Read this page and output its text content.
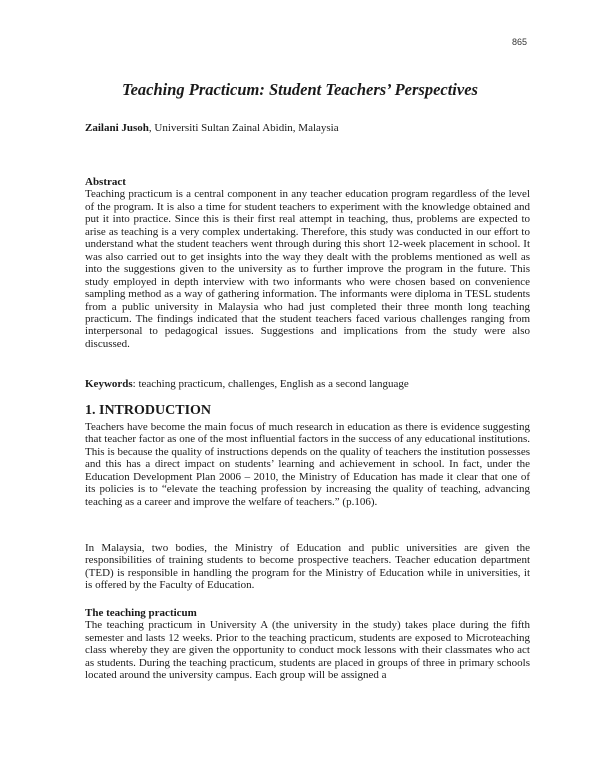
865
Teaching Practicum: Student Teachers’ Perspectives
Zailani Jusoh, Universiti Sultan Zainal Abidin, Malaysia
Abstract
Teaching practicum is a central component in any teacher education program regardless of the level of the program. It is also a time for student teachers to experiment with the knowledge obtained and put it into practice. Since this is their first real attempt in teaching, thus, problems are expected to arise as teaching is a very complex undertaking. Therefore, this study was conducted in our effort to understand what the student teachers went through during this short 12-week placement in school. It was also carried out to get insights into the way they dealt with the problems mentioned as well as into the suggestions given to the university as to further improve the program in the future. This study employed in depth interview with two informants who were chosen based on convenience sampling method as a way of gathering information. The informants were diploma in TESL students from a public university in Malaysia who had just completed their three month long teaching practicum. The findings indicated that the student teachers faced various challenges ranging from interpersonal to pedagogical issues. Suggestions and implications from the study were also discussed.
Keywords: teaching practicum, challenges, English as a second language
1. INTRODUCTION
Teachers have become the main focus of much research in education as there is evidence suggesting that teacher factor as one of the most influential factors in the success of any educational institutions. This is because the quality of instructions depends on the quality of teachers the institution possesses and this has a direct impact on students’ learning and achievement in school. In fact, under the Education Development Plan 2006 – 2010, the Ministry of Education has made it clear that one of its policies is to “elevate the teaching profession by increasing the quality of teaching, advancing teaching as a career and improve the welfare of teachers.” (p.106).
In Malaysia, two bodies, the Ministry of Education and public universities are given the responsibilities of training students to become prospective teachers. Teacher education department (TED) is responsible in handling the program for the Ministry of Education while in universities, it is offered by the Faculty of Education.
The teaching practicum
The teaching practicum in University A (the university in the study) takes place during the fifth semester and lasts 12 weeks. Prior to the teaching practicum, students are exposed to Microteaching class whereby they are given the opportunity to conduct mock lessons with their classmates who act as students. During the teaching practicum, students are placed in groups of three in primary schools located around the university campus. Each group will be assigned a
